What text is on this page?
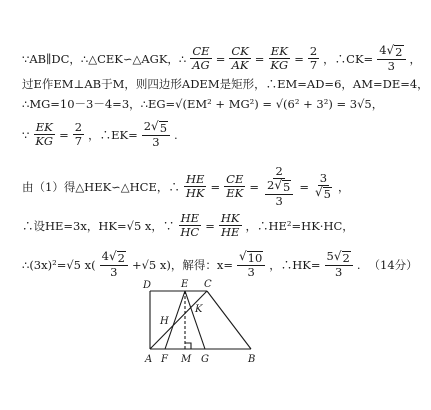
∵AB∥DC，∴△CEK∽△AGK，∴ $\frac{CE}{AG} = \frac{CK}{AK} = \frac{EK}{KG} = \frac{2}{7}$ ，∴CK= $\frac{4 √ 2}{3}$ ，
过E作EM⊥AB于M，则四边形ADEM是矩形，∴EM=AD=6，AM=DE=4，
∴MG=10－3－4=3，∴EG=√(EM² + MG²) = √(6² + 3²) = 3√5，
∵ $\frac{EK}{KG} = \frac{2}{7}$ ，∴EK= $\frac{2 √ 5}{3}$ .
由（1）得△HEK∽△HCE，∴ $\frac{HE}{HK} = \frac{CE}{EK} = \frac{2}{\frac{2 √ 5}{3}} = \frac{3}{√ 5}$ ，
∴设HE=3x，HK=√5 x，∵ $\frac{HE}{HC} = \frac{HK}{HE}$ ，∴HE²=HK·HC，
∴(3x)²=√5 $x( \frac{4 √ 2}{3} +√5$ x)，解得：$x= \frac{√ 10}{3}$ ，∴HK= $\frac{5 √ 2}{3}$ . （14分）
D	E C
H
K
A F M G	B
